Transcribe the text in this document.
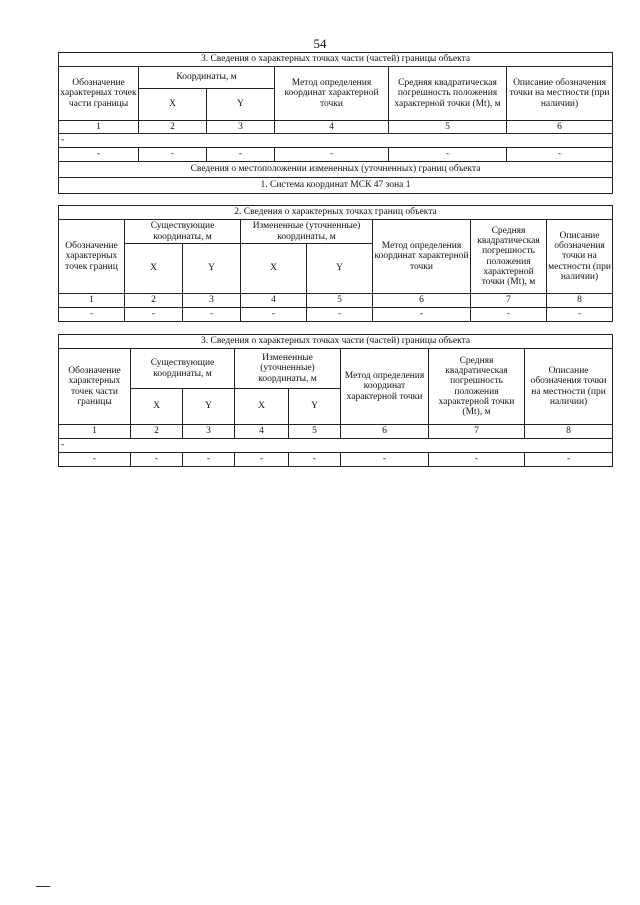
54
3. Сведения о характерных точках части (частей) границы объекта					
Обозначение характерных точек части границы	Координаты, м		Метод определения координат характерной точки	Средняя квадратическая погрешность положения характерной точки (Mt), м	Описание обозначения точки на местности (при наличии)
	X	Y			
1	2	3	4	5	6
-					
-	-	-	-	-	-
Сведения о местоположении измененных (уточненных) границ объекта					
1. Система координат МСК 47 зона 1					
2. Сведения о характерных точках границ объекта							
Обозначение характерных точек границ	Существующие координаты, м		Измененные (уточненные) координаты, м		Метод определения координат характерной точки	Средняя квадратическая погрешность положения характерной точки (Mt), м	Описание обозначения точки на местности (при наличии)
	X	Y	X	Y			
1	2	3	4	5	6	7	8
-	-	-	-	-	-	-	-
3. Сведения о характерных точках части (частей) границы объекта							
Обозначение характерных точек части границы	Существующие координаты, м		Измененные (уточненные) координаты, м		Метод определения координат характерной точки	Средняя квадратическая погрешность положения характерной точки (Mt), м	Описание обозначения точки на местности (при наличии)
	X	Y	X	Y			
1	2	3	4	5	6	7	8
-							
-	-	-	-	-	-	-	-
